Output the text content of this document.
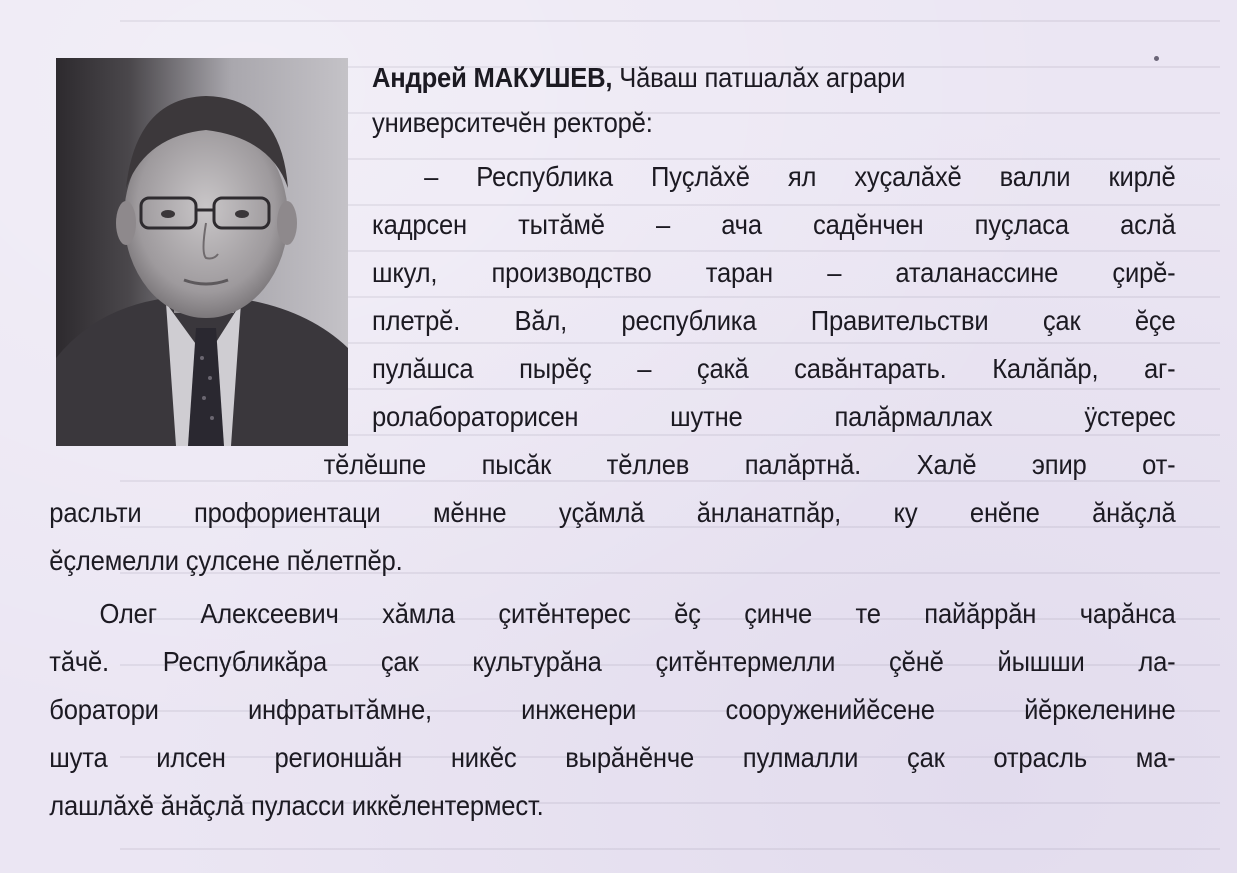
Андрей МАКУШЕВ, Чăваш патшалăх аграри
университечĕн ректорĕ:
– Республика Пуçлăхĕ ял хуçалăхĕ валли кирлĕ
кадрсен тытăмĕ – ача садĕнчен пуçласа аслă
шкул, производство таран – аталанассине çирĕ-
плетрĕ. Вăл, республика Правительстви çак ĕçе
пулăшса пырĕç – çакă савăнтарать. Калăпăр, аг-
ролабораторисен шутне палăрмаллах ÿстерес
тĕлĕшпе пысăк тĕллев палăртнă. Халĕ эпир от-
расльти профориентаци мĕнне уçăмлă ăнланатпăр, ку енĕпе ăнăçлă
ĕçлемелли çулсене пĕлетпĕр.
Олег Алексеевич хăмла çитĕнтерес ĕç çинче те пайăррăн чарăнса
тăчĕ. Республикăра çак культурăна çитĕнтермелли çĕнĕ йышши ла-
боратори инфратытăмне, инженери сооруженийĕсене йĕркеленине
шута илсен регионшăн никĕс вырăнĕнче пулмалли çак отрасль ма-
лашлăхĕ ăнăçлă пуласси иккĕлентермест.
